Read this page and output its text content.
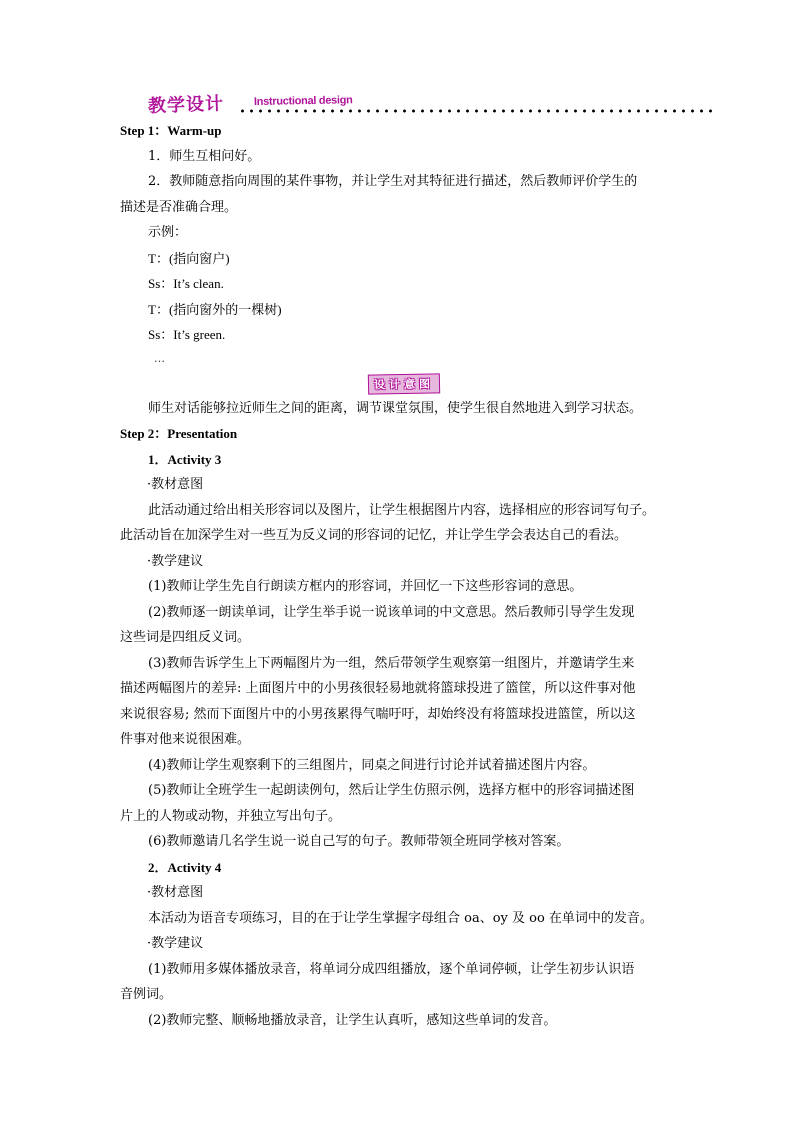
教学设计	Instructional design
Step 1：Warm-up
1．师生互相问好。
2．教师随意指向周围的某件事物，并让学生对其特征进行描述，然后教师评价学生的
描述是否准确合理。
示例：
T：(指向窗户)
Ss：It’s clean.
T：(指向窗外的一棵树)
Ss：It’s green.
…
设计意图
师生对话能够拉近师生之间的距离，调节课堂氛围，使学生很自然地进入到学习状态。
Step 2：Presentation
1．Activity 3
·教材意图
此活动通过给出相关形容词以及图片，让学生根据图片内容，选择相应的形容词写句子。
此活动旨在加深学生对一些互为反义词的形容词的记忆，并让学生学会表达自己的看法。
·教学建议
(1)教师让学生先自行朗读方框内的形容词，并回忆一下这些形容词的意思。
(2)教师逐一朗读单词，让学生举手说一说该单词的中文意思。然后教师引导学生发现
这些词是四组反义词。
(3)教师告诉学生上下两幅图片为一组，然后带领学生观察第一组图片，并邀请学生来
描述两幅图片的差异: 上面图片中的小男孩很轻易地就将篮球投进了篮筐，所以这件事对他
来说很容易; 然而下面图片中的小男孩累得气喘吁吁，却始终没有将篮球投进篮筐，所以这
件事对他来说很困难。
(4)教师让学生观察剩下的三组图片，同桌之间进行讨论并试着描述图片内容。
(5)教师让全班学生一起朗读例句，然后让学生仿照示例，选择方框中的形容词描述图
片上的人物或动物，并独立写出句子。
(6)教师邀请几名学生说一说自己写的句子。教师带领全班同学核对答案。
2．Activity 4
·教材意图
本活动为语音专项练习，目的在于让学生掌握字母组合 oa、oy 及 oo 在单词中的发音。
·教学建议
(1)教师用多媒体播放录音，将单词分成四组播放，逐个单词停顿，让学生初步认识语
音例词。
(2)教师完整、顺畅地播放录音，让学生认真听，感知这些单词的发音。
